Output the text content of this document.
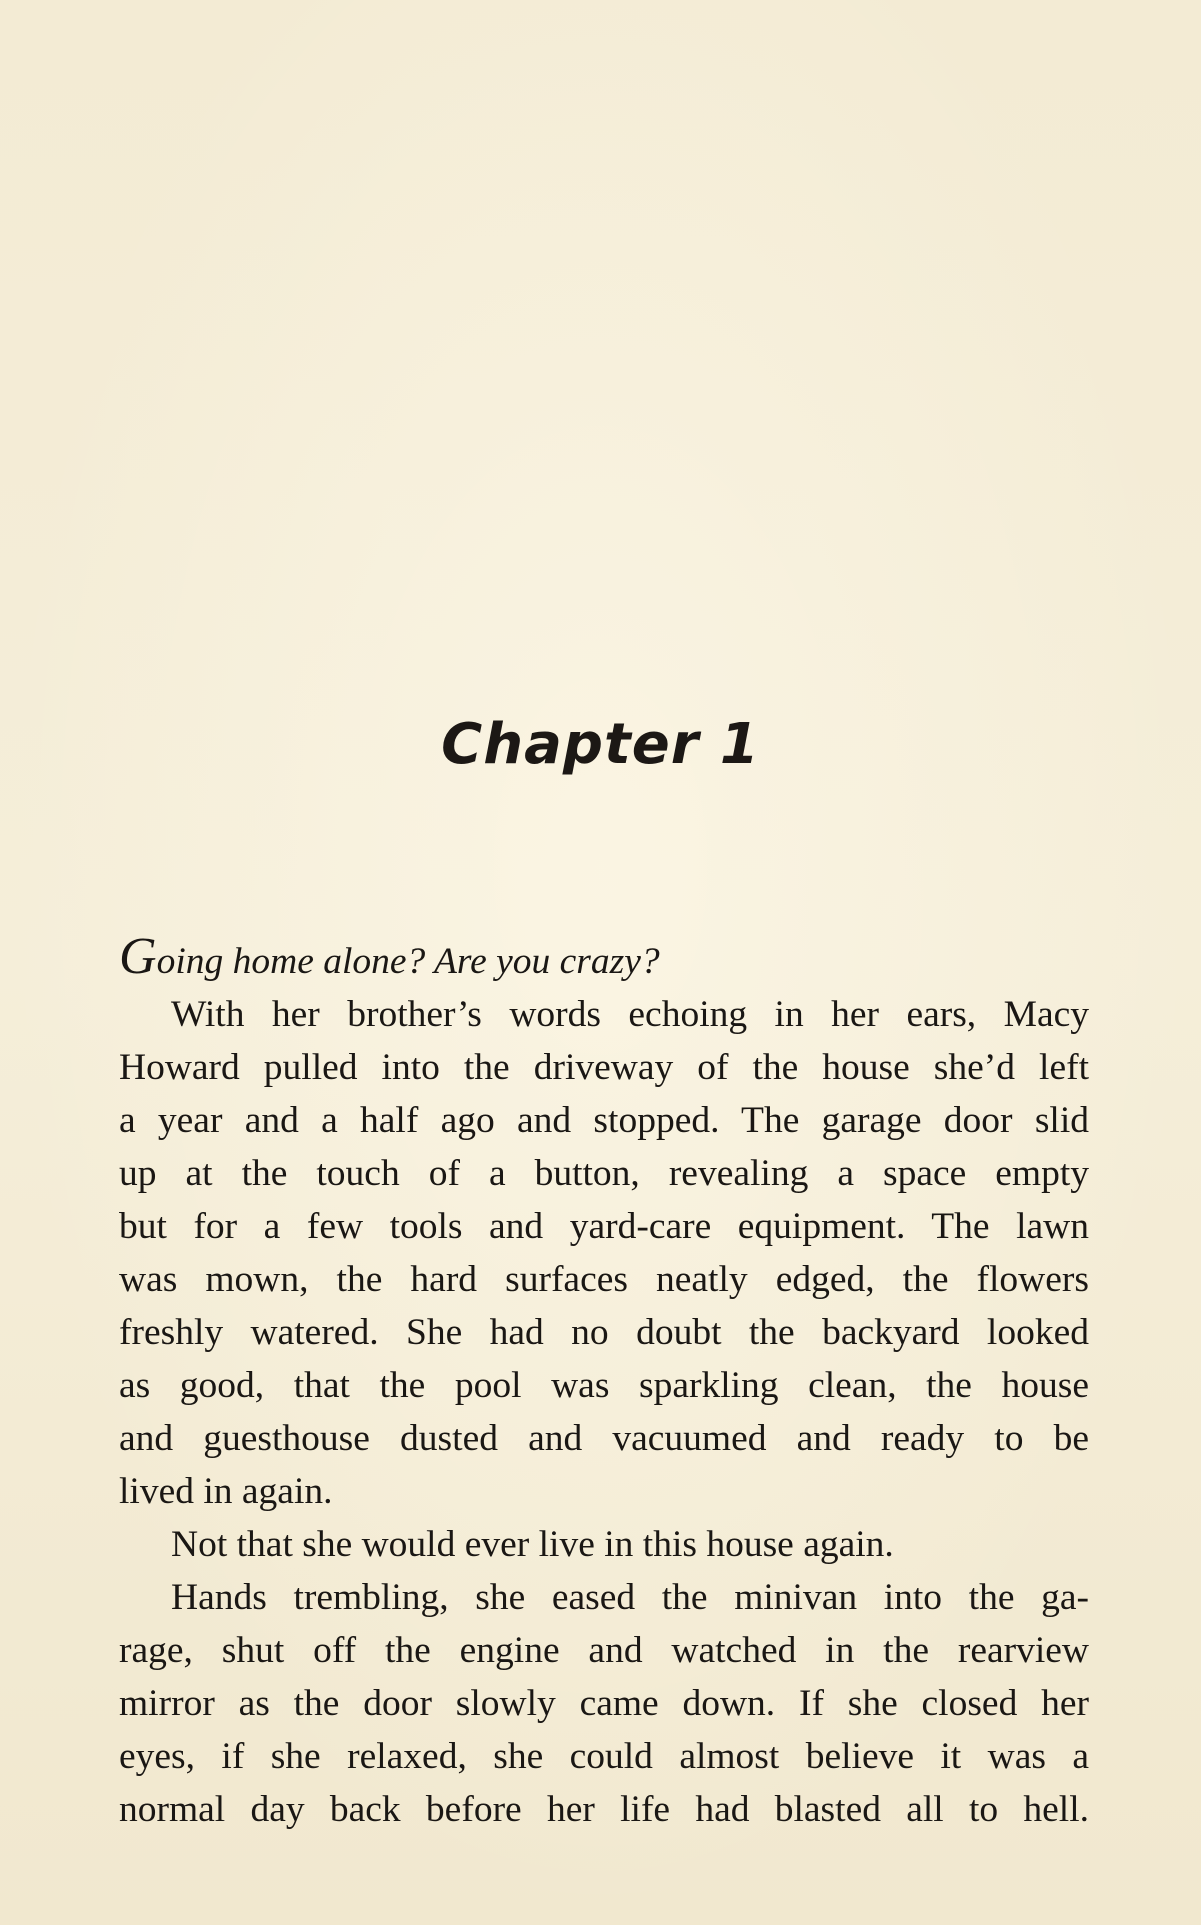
Chapter 1
Going home alone? Are you crazy?
With her brother’s words echoing in her ears, Macy
Howard pulled into the driveway of the house she’d left
a year and a half ago and stopped. The garage door slid
up at the touch of a button, revealing a space empty
but for a few tools and yard-care equipment. The lawn
was mown, the hard surfaces neatly edged, the flowers
freshly watered. She had no doubt the backyard looked
as good, that the pool was sparkling clean, the house
and guesthouse dusted and vacuumed and ready to be
lived in again.
Not that she would ever live in this house again.
Hands trembling, she eased the minivan into the ga-
rage, shut off the engine and watched in the rearview
mirror as the door slowly came down. If she closed her
eyes, if she relaxed, she could almost believe it was a
normal day back before her life had blasted all to hell.
